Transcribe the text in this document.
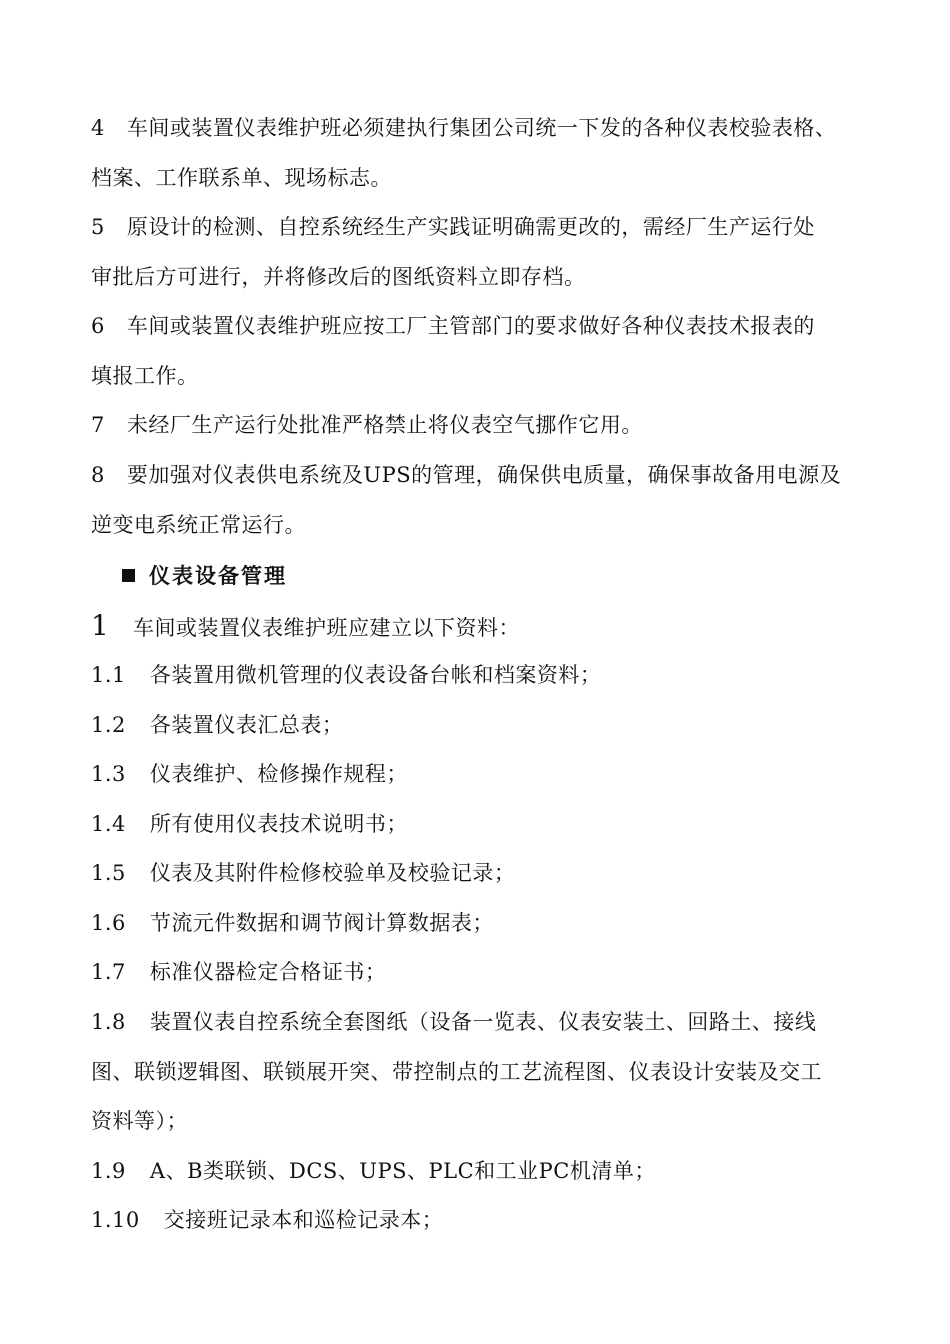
4 车间或装置仪表维护班必须建执行集团公司统一下发的各种仪表校验表格、
档案、工作联系单、现场标志。
5 原设计的检测、自控系统经生产实践证明确需更改的，需经厂生产运行处
审批后方可进行，并将修改后的图纸资料立即存档。
6 车间或装置仪表维护班应按工厂主管部门的要求做好各种仪表技术报表的
填报工作。
7 未经厂生产运行处批准严格禁止将仪表空气挪作它用。
8 要加强对仪表供电系统及UPS的管理，确保供电质量，确保事故备用电源及
逆变电系统正常运行。
仪表设备管理
1 车间或装置仪表维护班应建立以下资料：
1.1 各装置用微机管理的仪表设备台帐和档案资料；
1.2 各装置仪表汇总表；
1.3 仪表维护、检修操作规程；
1.4 所有使用仪表技术说明书；
1.5 仪表及其附件检修校验单及校验记录；
1.6 节流元件数据和调节阀计算数据表；
1.7 标准仪器检定合格证书；
1.8 装置仪表自控系统全套图纸（设备一览表、仪表安装土、回路土、接线
图、联锁逻辑图、联锁展开突、带控制点的工艺流程图、仪表设计安装及交工
资料等）；
1.9 A、B类联锁、DCS、UPS、PLC和工业PC机清单；
1.10 交接班记录本和巡检记录本；
